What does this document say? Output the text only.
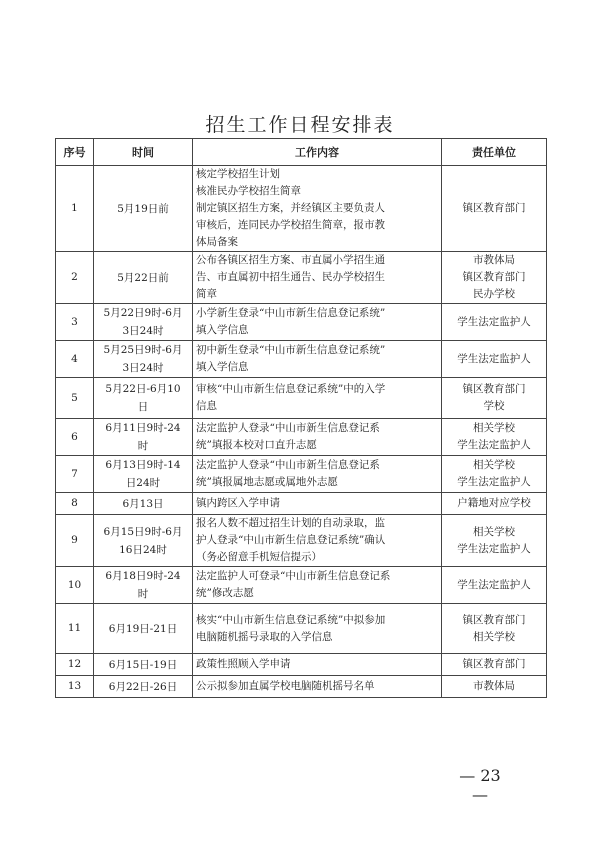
招生工作日程安排表
序号	时间	工作内容	责任单位
1	5月19日前	核定学校招生计划
核准民办学校招生简章
制定镇区招生方案，并经镇区主要负责人
审核后，连同民办学校招生简章，报市教
体局备案	镇区教育部门

2	5月22日前	公布各镇区招生方案、市直属小学招生通
告、市直属初中招生通告、民办学校招生
简章	市教体局
镇区教育部门
民办学校

3	5月22日9时-6月
3日24时	小学新生登录“中山市新生信息登记系统”
填入学信息	学生法定监护人

4	5月25日9时-6月
3日24时	初中新生登录“中山市新生信息登记系统”
填入学信息	学生法定监护人

5	5月22日-6月10
日	审核“中山市新生信息登记系统”中的入学
信息	镇区教育部门
学校

6	6月11日9时-24
时	法定监护人登录“中山市新生信息登记系
统”填报本校对口直升志愿	相关学校
学生法定监护人

7	6月13日9时-14
日24时	法定监护人登录“中山市新生信息登记系
统”填报属地志愿或属地外志愿	相关学校
学生法定监护人

8	6月13日	镇内跨区入学申请	户籍地对应学校

9	6月15日9时-6月
16日24时	报名人数不超过招生计划的自动录取，监
护人登录“中山市新生信息登记系统”确认
（务必留意手机短信提示）	相关学校
学生法定监护人

10	6月18日9时-24
时	法定监护人可登录“中山市新生信息登记系
统”修改志愿	学生法定监护人

11	6月19日-21日	核实“中山市新生信息登记系统”中拟参加
电脑随机摇号录取的入学信息	镇区教育部门
相关学校

12	6月15日-19日	政策性照顾入学申请	镇区教育部门

13	6月22日-26日	公示拟参加直属学校电脑随机摇号名单	市教体局
— 23 —
